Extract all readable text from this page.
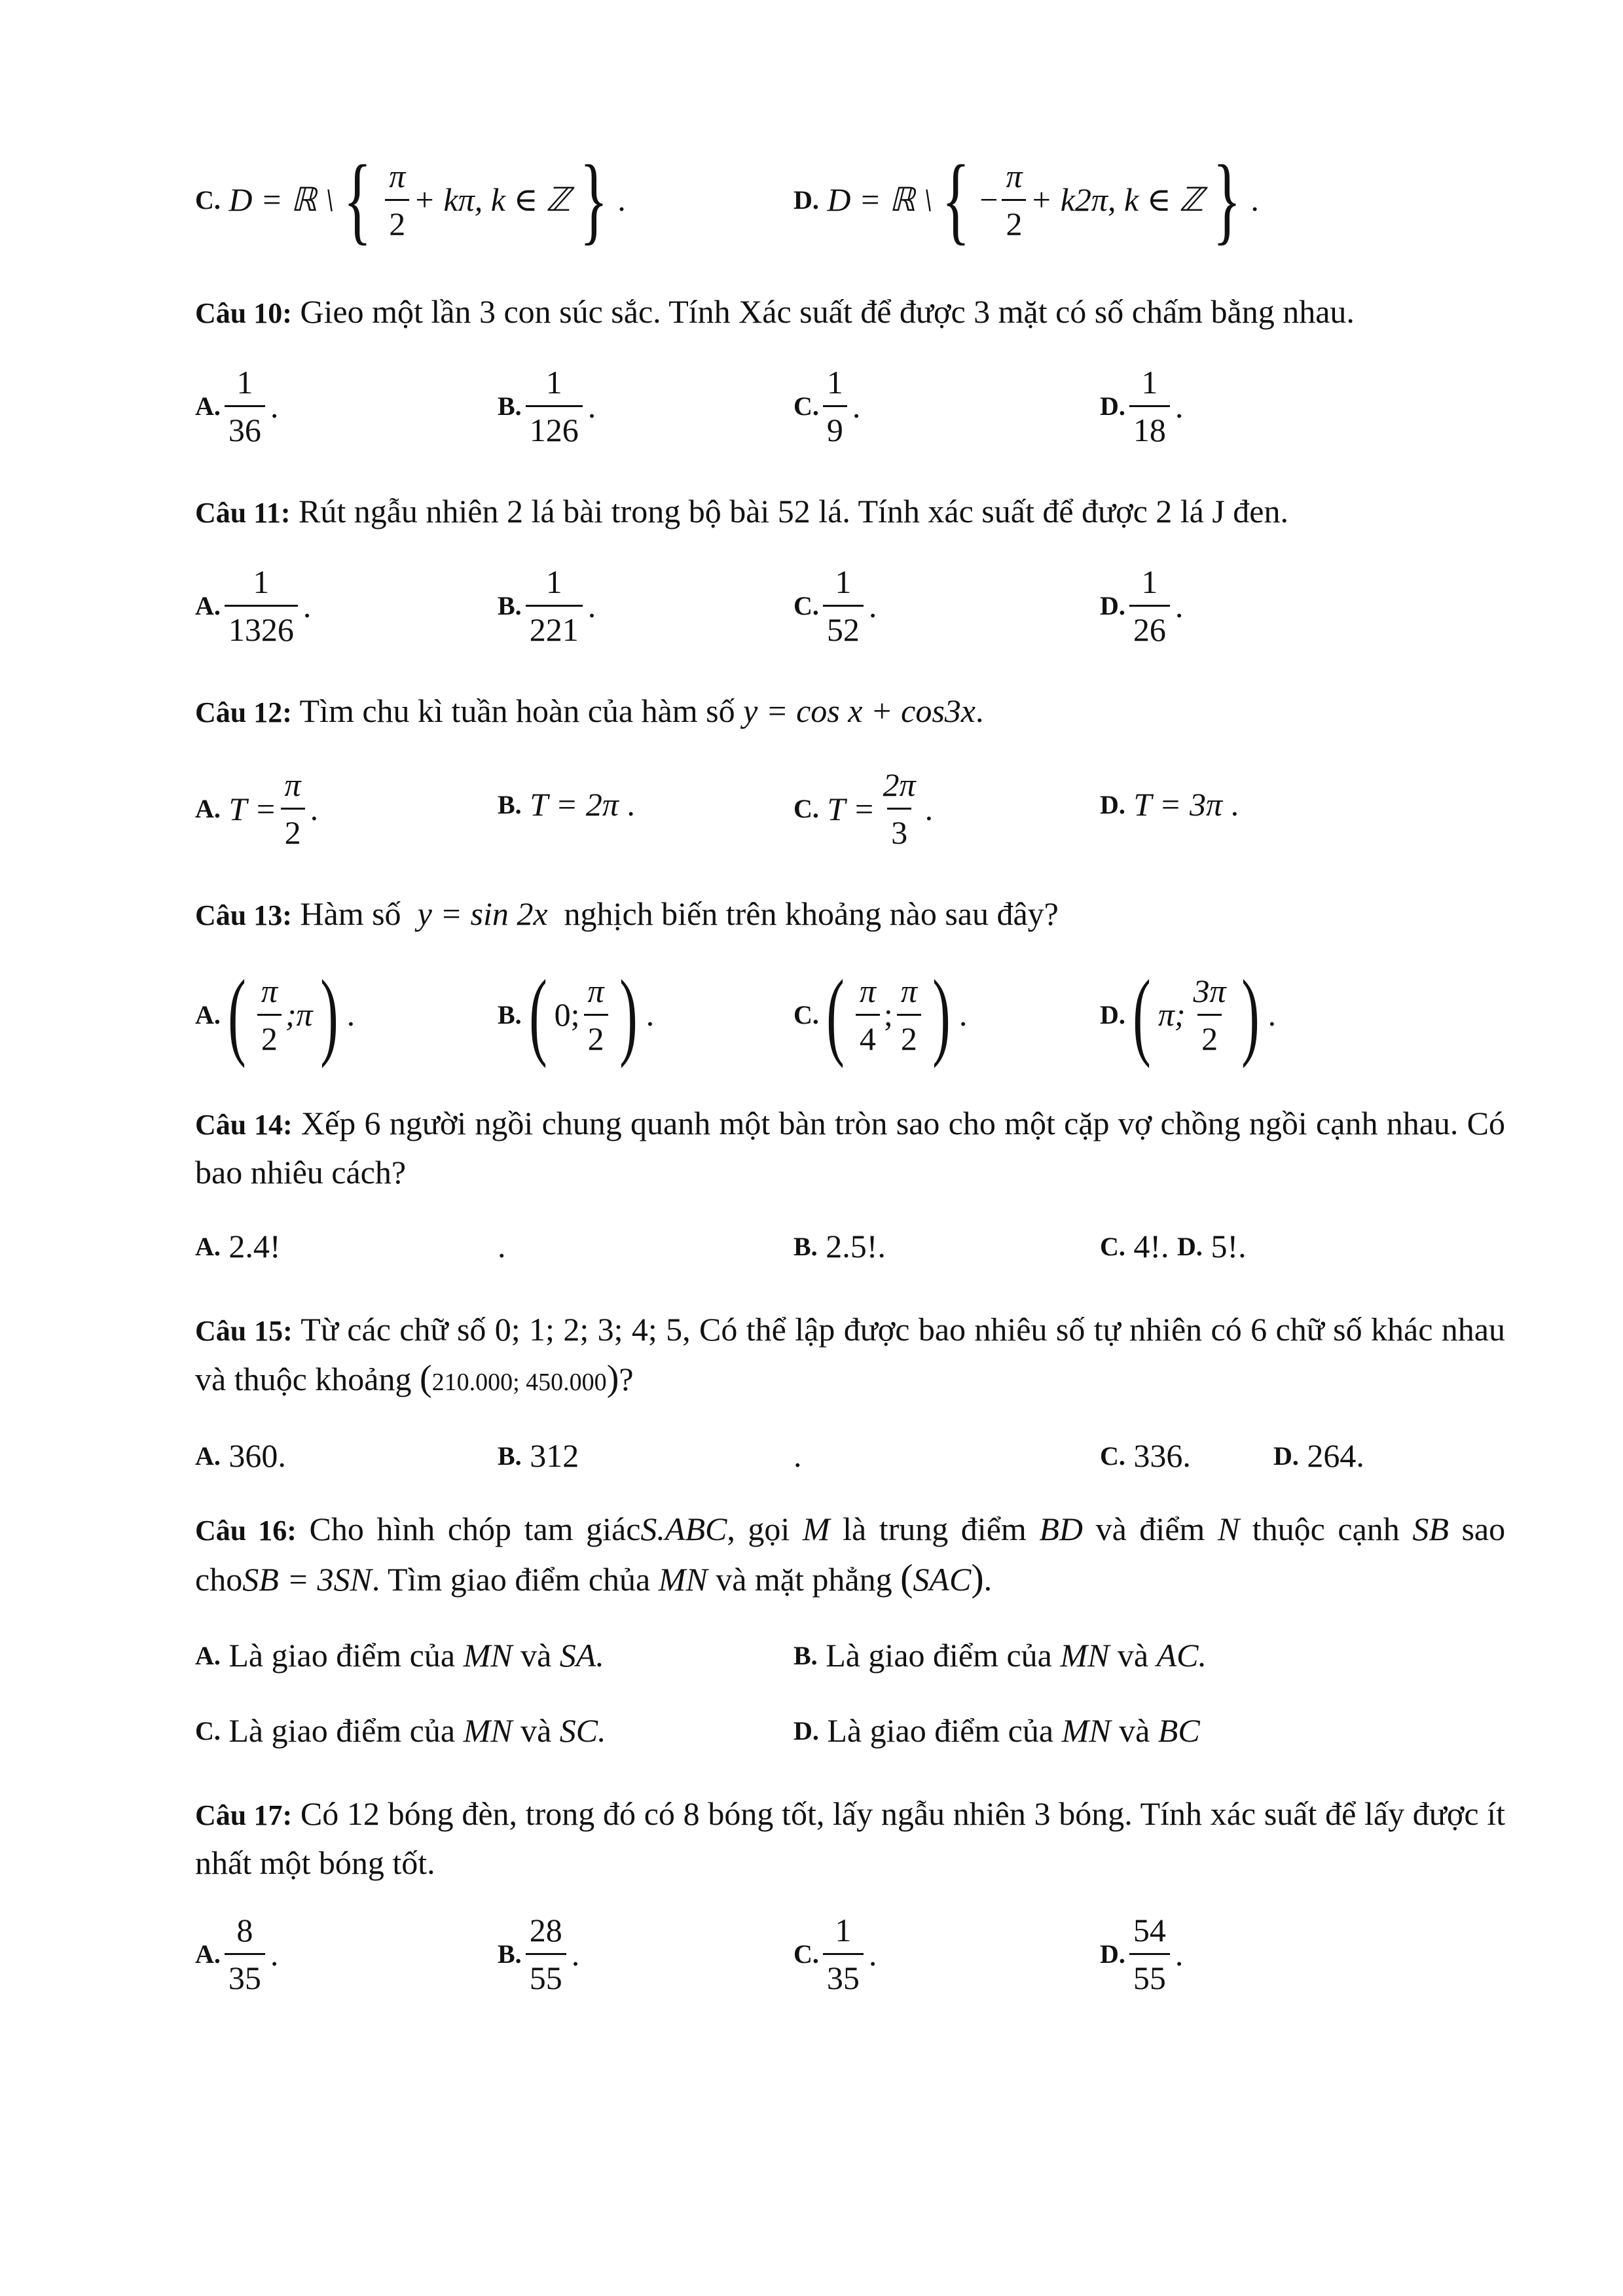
C.
D = ℝ \ { $\frac{\pi}{2} + k\pi$, k ∈ ℤ } .	D.
D = ℝ \ { − $\frac{\pi}{2} + k2\pi$, k ∈ ℤ } .
Câu 10: Gieo một lần 3 con súc sắc. Tính Xác suất để được 3 mặt có số chấm bằng nhau.
A. $\frac{1}{36}$ .	B. $\frac{1}{126}$ .	C. $\frac{1}{9}$ .	D. $\frac{1}{18}$ .
Câu 11: Rút ngẫu nhiên 2 lá bài trong bộ bài 52 lá. Tính xác suất để được 2 lá J đen.
A. $\frac{1}{1326}$ .	B. $\frac{1}{221}$ .	C. $\frac{1}{52}$ .	D. $\frac{1}{26}$ .
Câu 12: Tìm chu kì tuần hoàn của hàm số y = cos x + cos3x.
A.
$T = \frac{\pi}{2}$ .	B.
T = 2π .	C.
$T = \frac{2\pi}{3}$ .	D.
T = 3π .
Câu 13: Hàm số y = sin 2x nghịch biến trên khoảng nào sau đây?
A. ( $\frac{\pi}{2}$ ;π ) .	B. ( 0; $\frac{\pi}{2}$ ) .	C. ( $\frac{\pi}{4}$ ; $\frac{\pi}{2}$ ) .	D. ( π; $\frac{3\pi}{2}$ ) .
Câu 14: Xếp 6 người ngồi chung quanh một bàn tròn sao cho một cặp vợ chồng ngồi cạnh nhau. Có bao nhiêu cách?
A.
2.4!	.	B.
2.5!.	C.
4!.
D.
5!.
Câu 15: Từ các chữ số 0; 1; 2; 3; 4; 5, Có thể lập được bao nhiêu số tự nhiên có 6 chữ số khác nhau và thuộc khoảng (210.000; 450.000)?
A.
360.	B.
312	.	C.
336.	D.
264.
Câu 16: Cho hình chóp tam giácS.ABC, gọi M là trung điểm BD và điểm N thuộc cạnh SB sao choSB = 3SN. Tìm giao điểm chủa MN và mặt phẳng (SAC).
A.
Là giao điểm của
MN
và
SA.	B.
Là giao điểm của
MN
và
AC.
C.
Là giao điểm của
MN
và
SC.	D.
Là giao điểm của
MN
và
BC
Câu 17: Có 12 bóng đèn, trong đó có 8 bóng tốt, lấy ngẫu nhiên 3 bóng. Tính xác suất để lấy được ít nhất một bóng tốt.
A. $\frac{8}{35}$ .	B. $\frac{28}{55}$ .	C. $\frac{1}{35}$ .	D. $\frac{54}{55}$ .
